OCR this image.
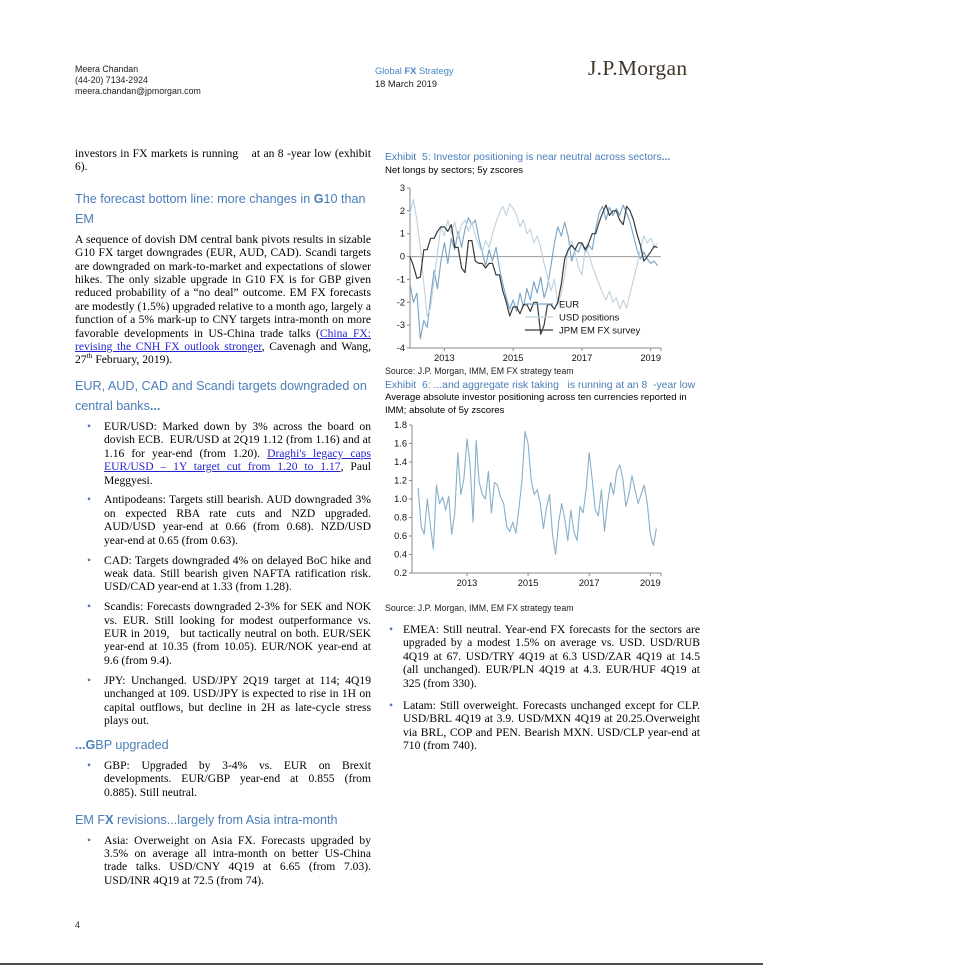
Meera Chandan
(44-20) 7134-2924
meera.chandan@jpmorgan.com
Global FX Strategy
18 March 2019
J.P.Morgan

investors in FX markets is running    at an 8 -year low (exhibit 6).

The forecast bottom line: more changes in G10 than EM

A sequence of dovish DM central bank pivots results in sizable G10 FX target downgrades (EUR, AUD, CAD). Scandi targets are downgraded on mark-to-market and expectations of slower hikes. The only sizable upgrade in G10 FX is for GBP given reduced probability of a “no deal” outcome. EM FX forecasts are modestly (1.5%) upgraded relative to a month ago, largely a function of a 5% mark-up to CNY targets intra-month on more favorable developments in US-China trade talks (China FX: revising the CNH FX outlook stronger, Cavenagh and Wang, 27th February, 2019).

EUR, AUD, CAD and Scandi targets downgraded on central banks...
• EUR/USD: Marked down by 3% across the board on dovish ECB.  EUR/USD at 2Q19 1.12 (from 1.16) and at 1.16 for year-end (from 1.20). Draghi's legacy caps EUR/USD – 1Y target cut from 1.20 to 1.17, Paul Meggyesi.
• Antipodeans: Targets still bearish. AUD downgraded 3% on expected RBA rate cuts and NZD upgraded. AUD/USD year-end at 0.66 (from 0.68). NZD/USD year-end at 0.65 (from 0.63).
• CAD: Targets downgraded 4% on delayed BoC hike and weak data. Still bearish given NAFTA ratification risk. USD/CAD year-end at 1.33 (from 1.28).
• Scandis: Forecasts downgraded 2-3% for SEK and NOK vs. EUR. Still looking for modest outperformance vs. EUR in 2019,   but tactically neutral on both. EUR/SEK year-end at 10.35 (from 10.05). EUR/NOK year-end at 9.6 (from 9.4).
• JPY: Unchanged. USD/JPY 2Q19 target at 114; 4Q19 unchanged at 109. USD/JPY is expected to rise in 1H on capital outflows, but decline in 2H as late-cycle stress plays out.
...GBP upgraded
• GBP: Upgraded by 3-4% vs. EUR on Brexit developments. EUR/GBP year-end at 0.855 (from 0.885). Still neutral.
EM FX revisions...largely from Asia intra-month
• Asia: Overweight on Asia FX. Forecasts upgraded by 3.5% on average all intra-month on better US-China trade talks. USD/CNY 4Q19 at 6.65 (from 7.03). USD/INR 4Q19 at 72.5 (from 74).
Exhibit  5: Investor positioning is near neutral across sectors...
Net longs by sectors; 5y zscores
3
2
1
0
-1
-2
-3
-4
2013	2015	2017	2019
EUR
USD positions
JPM EM FX survey
Source: J.P. Morgan, IMM, EM FX strategy team
Exhibit  6: ...and aggregate risk taking   is running at an 8  -year low
Average absolute investor positioning across ten currencies reported in IMM; absolute of 5y zscores
1.8
1.6
1.4
1.2
1.0
0.8
0.6
0.4
0.2
2013	2015	2017	2019
Source: J.P. Morgan, IMM, EM FX strategy team
• EMEA: Still neutral. Year-end FX forecasts for the sectors are upgraded by a modest 1.5% on average vs. USD. USD/RUB 4Q19 at 67. USD/TRY 4Q19 at 6.3 USD/ZAR 4Q19 at 14.5 (all unchanged). EUR/PLN 4Q19 at 4.3. EUR/HUF 4Q19 at 325 (from 330).
• Latam: Still overweight. Forecasts unchanged except for CLP. USD/BRL 4Q19 at 3.9. USD/MXN 4Q19 at 20.25.Overweight via BRL, COP and PEN. Bearish MXN. USD/CLP year-end at 710 (from 740).
4
